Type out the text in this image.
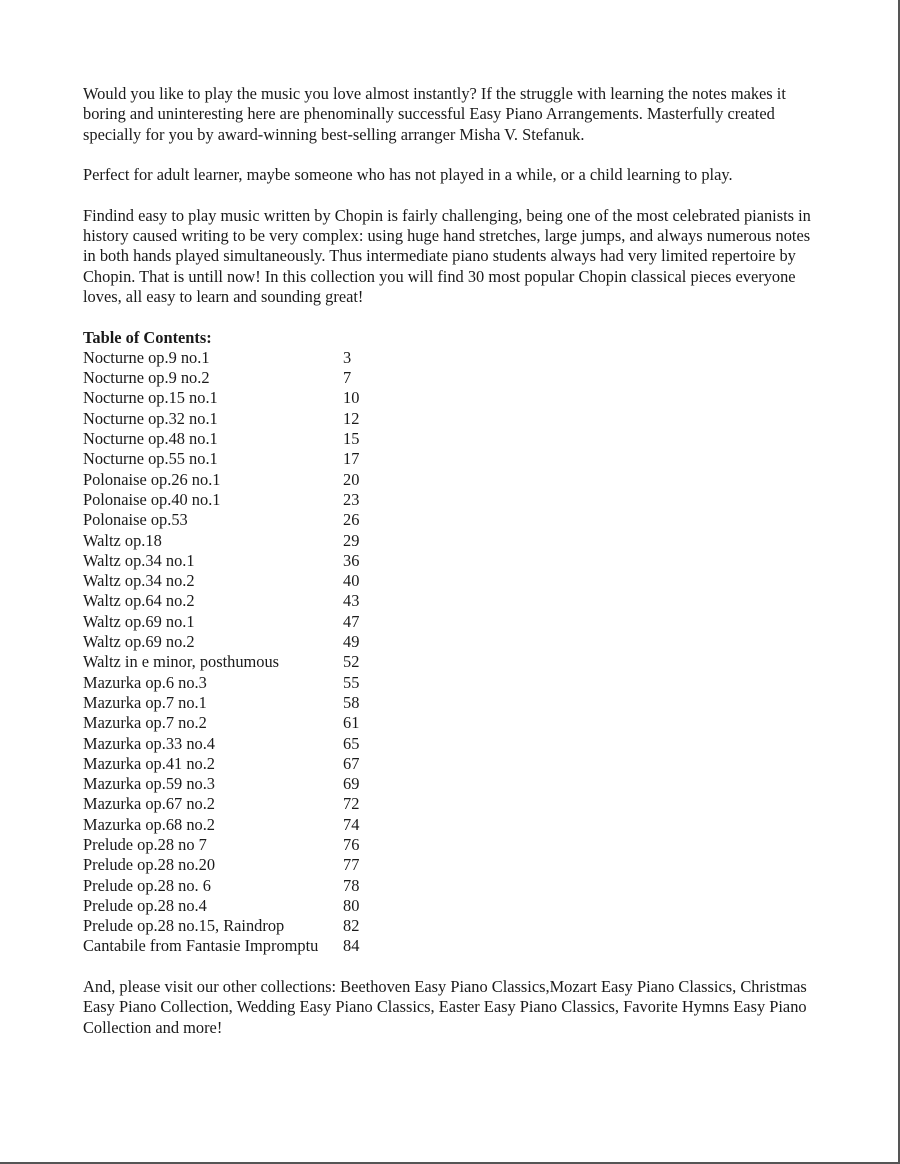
Would you like to play the music you love almost instantly? If the struggle with learning the notes makes it boring and uninteresting here are phenominally successful Easy Piano Arrangements. Masterfully created specially for you by award-winning best-selling arranger Misha V. Stefanuk.

Perfect for adult learner, maybe someone who has not played in a while, or a child learning to play.

Findind easy to play music written by Chopin is fairly challenging, being one of the most celebrated pianists in history caused writing to be very complex: using huge hand stretches, large jumps, and always numerous notes in both hands played simultaneously. Thus intermediate piano students always had very limited repertoire by Chopin. That is untill now! In this collection you will find 30 most popular Chopin classical pieces everyone loves, all easy to learn and sounding great!

Table of Contents:

Nocturne op.9 no.1	3
Nocturne op.9 no.2	7
Nocturne op.15 no.1	10
Nocturne op.32 no.1	12
Nocturne op.48 no.1	15
Nocturne op.55 no.1	17
Polonaise op.26 no.1	20
Polonaise op.40 no.1	23
Polonaise op.53	26
Waltz op.18	29
Waltz op.34 no.1	36
Waltz op.34 no.2	40
Waltz op.64 no.2	43
Waltz op.69 no.1	47
Waltz op.69 no.2	49
Waltz in e minor, posthumous	52
Mazurka op.6 no.3	55
Mazurka op.7 no.1	58
Mazurka op.7 no.2	61
Mazurka op.33 no.4	65
Mazurka op.41 no.2	67
Mazurka op.59 no.3	69
Mazurka op.67 no.2	72
Mazurka op.68 no.2	74
Prelude op.28 no 7	76
Prelude op.28 no.20	77
Prelude op.28 no. 6	78
Prelude op.28 no.4	80
Prelude op.28 no.15, Raindrop	82
Cantabile from Fantasie Impromptu	84

And, please visit our other collections: Beethoven Easy Piano Classics,Mozart Easy Piano Classics, Christmas Easy Piano Collection, Wedding Easy Piano Classics, Easter Easy Piano Classics, Favorite Hymns Easy Piano Collection and more!
